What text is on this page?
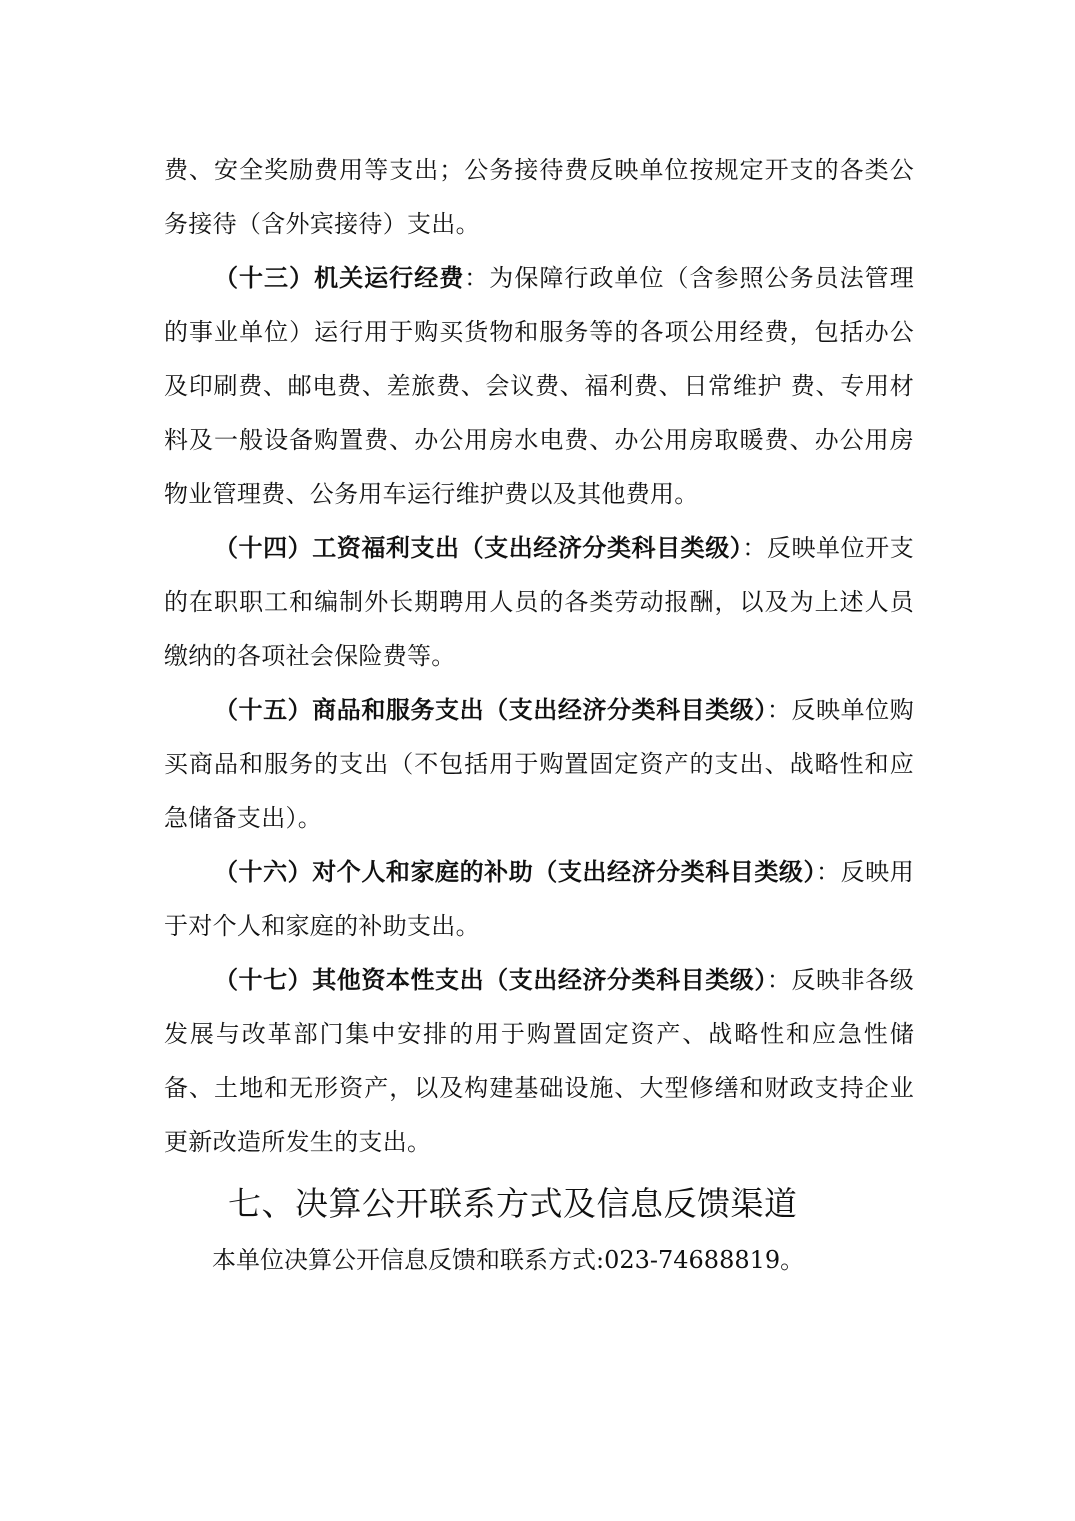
费、安全奖励费用等支出；公务接待费反映单位按规定开支的各类公务接待（含外宾接待）支出。

（十三）机关运行经费：为保障行政单位（含参照公务员法管理的事业单位）运行用于购买货物和服务等的各项公用经费，包括办公及印刷费、邮电费、差旅费、会议费、福利费、日常维护 费、专用材料及一般设备购置费、办公用房水电费、办公用房取暖费、办公用房物业管理费、公务用车运行维护费以及其他费用。

（十四）工资福利支出（支出经济分类科目类级）：反映单位开支的在职职工和编制外长期聘用人员的各类劳动报酬，以及为上述人员缴纳的各项社会保险费等。

（十五）商品和服务支出（支出经济分类科目类级）：反映单位购买商品和服务的支出（不包括用于购置固定资产的支出、战略性和应急储备支出）。

（十六）对个人和家庭的补助（支出经济分类科目类级）：反映用于对个人和家庭的补助支出。

（十七）其他资本性支出（支出经济分类科目类级）：反映非各级发展与改革部门集中安排的用于购置固定资产、战略性和应急性储备、土地和无形资产，以及构建基础设施、大型修缮和财政支持企业更新改造所发生的支出。

七、决算公开联系方式及信息反馈渠道

本单位决算公开信息反馈和联系方式:023-74688819。
